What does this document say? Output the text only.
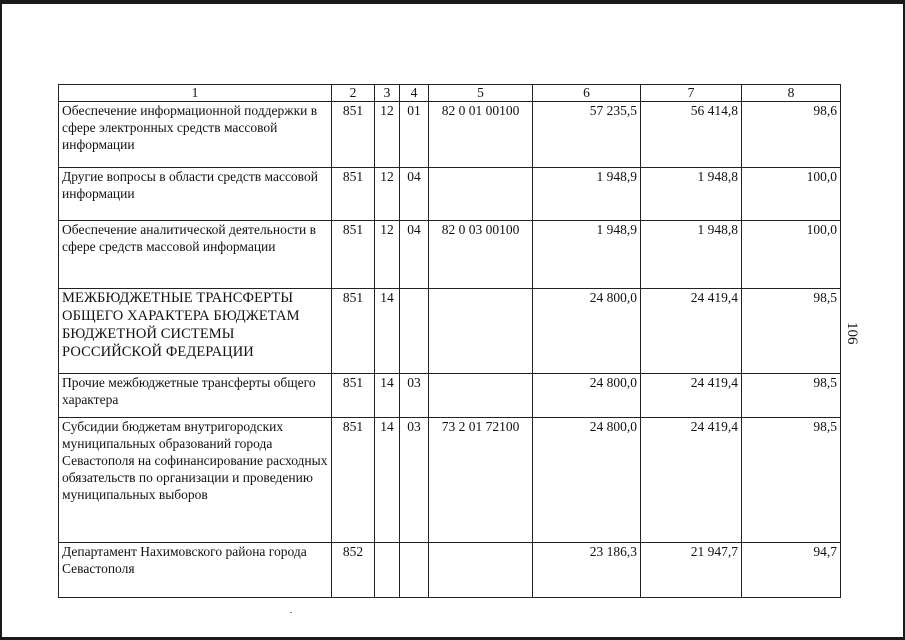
1	2	3	4	5	6	7	8
Обеспечение информационной поддержки в сфере электронных средств массовой информации	851	12	01	82 0 01 00100	57 235,5	56 414,8	98,6
Другие вопросы в области средств массовой информации	851	12	04		1 948,9	1 948,8	100,0
Обеспечение аналитической деятельности в сфере средств массовой информации	851	12	04	82 0 03 00100	1 948,9	1 948,8	100,0
МЕЖБЮДЖЕТНЫЕ ТРАНСФЕРТЫ ОБЩЕГО ХАРАКТЕРА БЮДЖЕТАМ БЮДЖЕТНОЙ СИСТЕМЫ РОССИЙСКОЙ ФЕДЕРАЦИИ	851	14			24 800,0	24 419,4	98,5
Прочие межбюджетные трансферты общего характера	851	14	03		24 800,0	24 419,4	98,5
Субсидии бюджетам внутригородских муниципальных образований города Севастополя на софинансирование расходных обязательств по организации и проведению муниципальных выборов	851	14	03	73 2 01 72100	24 800,0	24 419,4	98,5
Департамент Нахимовского района города Севастополя	852				23 186,3	21 947,7	94,7
106
